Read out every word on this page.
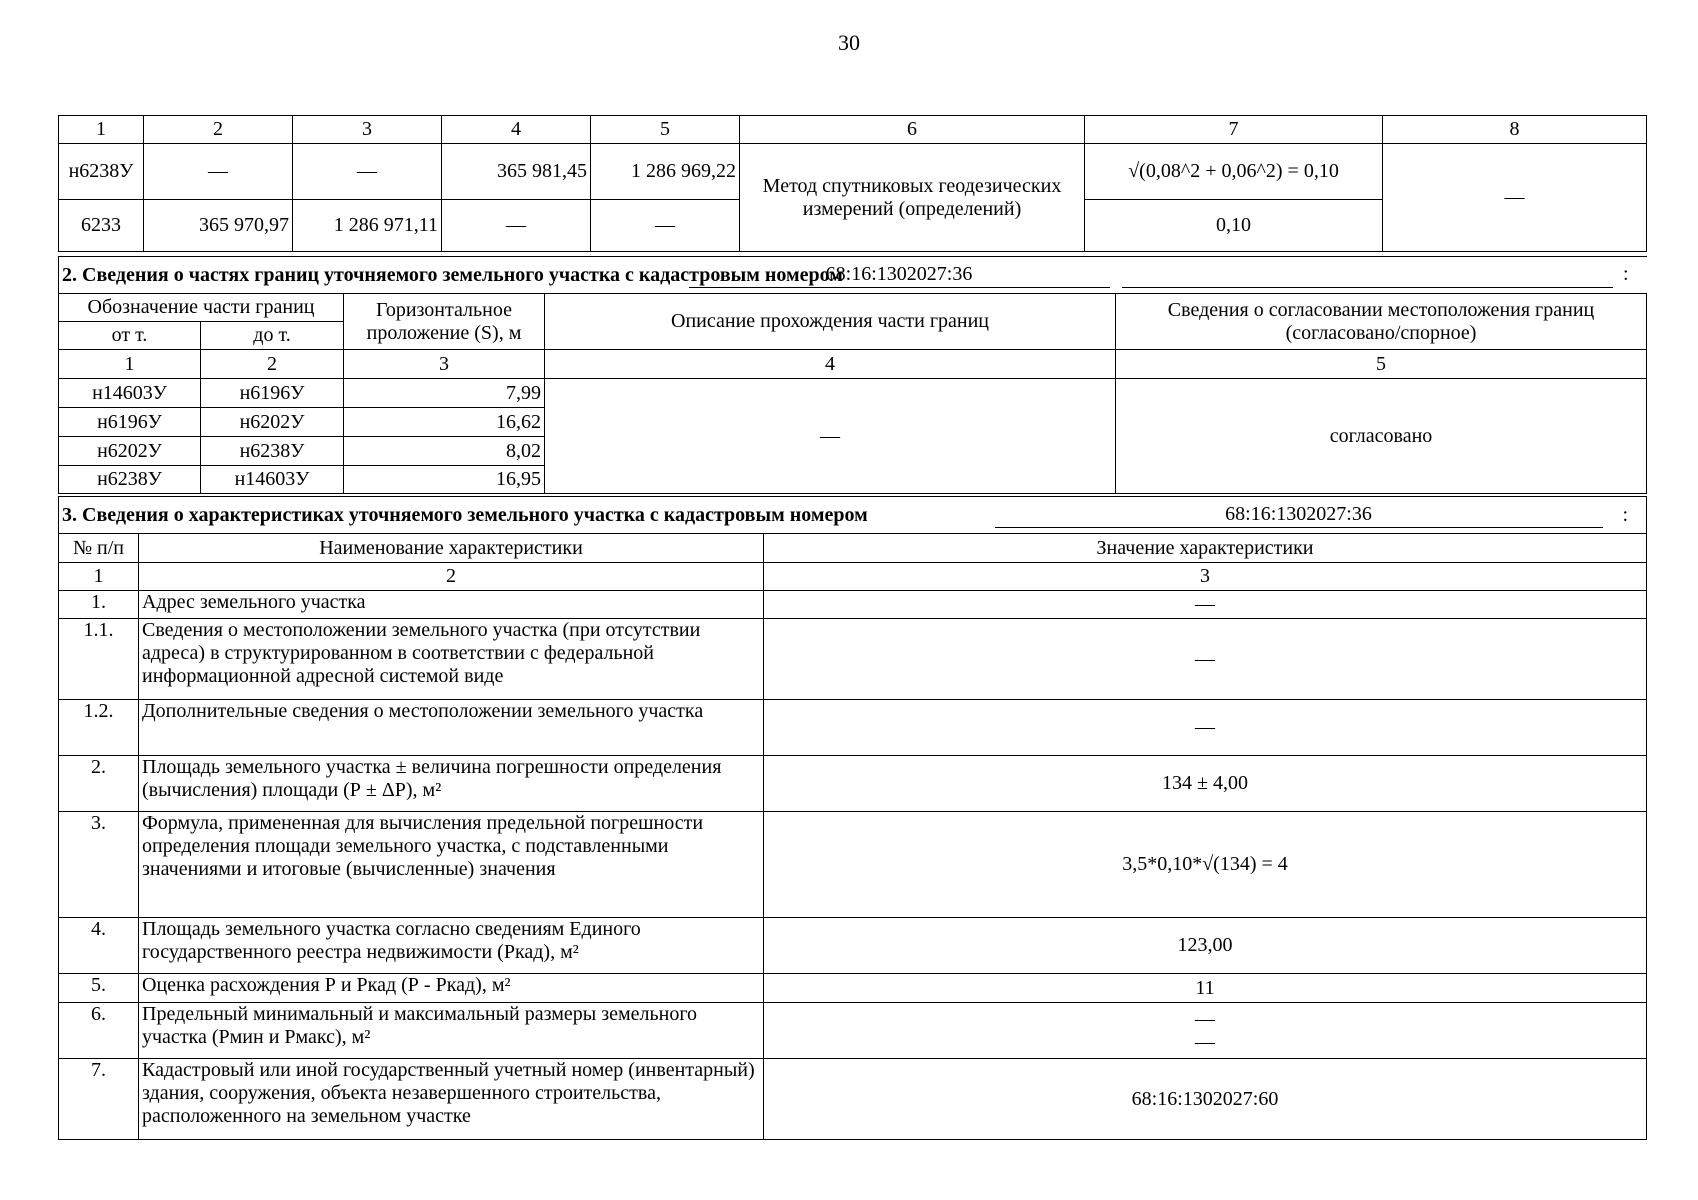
30
1	2	3	4	5	6	7	8
н6238У	—	—	365 981,45	1 286 969,22	Метод спутниковых геодезических измерений (определений)	√(0,08^2 + 0,06^2) = 0,10	—
6233	365 970,97	1 286 971,11	—	—		0,10	
2. Сведения о частях границ уточняемого земельного участка с кадастровым номером			68:16:1302027:36	:

Обозначение части границ		Горизонтальное проложение (S), м	Описание прохождения части границ	Сведения о согласовании местоположения границ (согласовано/спорное)
от т.	до т.			
1	2	3	4	5
н14603У	н6196У	7,99	—	согласовано
н6196У	н6202У	16,62		
н6202У	н6238У	8,02		
н6238У	н14603У	16,95		
3. Сведения о характеристиках уточняемого земельного участка с кадастровым номером	68:16:1302027:36	:
№ п/п	Наименование характеристики	Значение характеристики
1	2	3
1.	Адрес земельного участка	—
1.1.	Сведения о местоположении земельного участка (при отсутствии адреса) в структурированном в соответствии с федеральной информационной адресной системой виде	—
1.2.	Дополнительные сведения о местоположении земельного участка	—
2.	Площадь земельного участка ± величина погрешности определения (вычисления) площади (Р ± ΔР), м²	134 ± 4,00
3.	Формула, примененная для вычисления предельной погрешности определения площади земельного участка, с подставленными значениями и итоговые (вычисленные) значения	3,5*0,10*√(134) = 4
4.	Площадь земельного участка согласно сведениям Единого государственного реестра недвижимости (Ркад), м²	123,00
5.	Оценка расхождения Р и Ркад (Р - Ркад), м²	11
6.	Предельный минимальный и максимальный размеры земельного участка (Рмин и Рмакс), м²	—
—

7.	Кадастровый или иной государственный учетный номер (инвентарный) здания, сооружения, объекта незавершенного строительства, расположенного на земельном участке	68:16:1302027:60
